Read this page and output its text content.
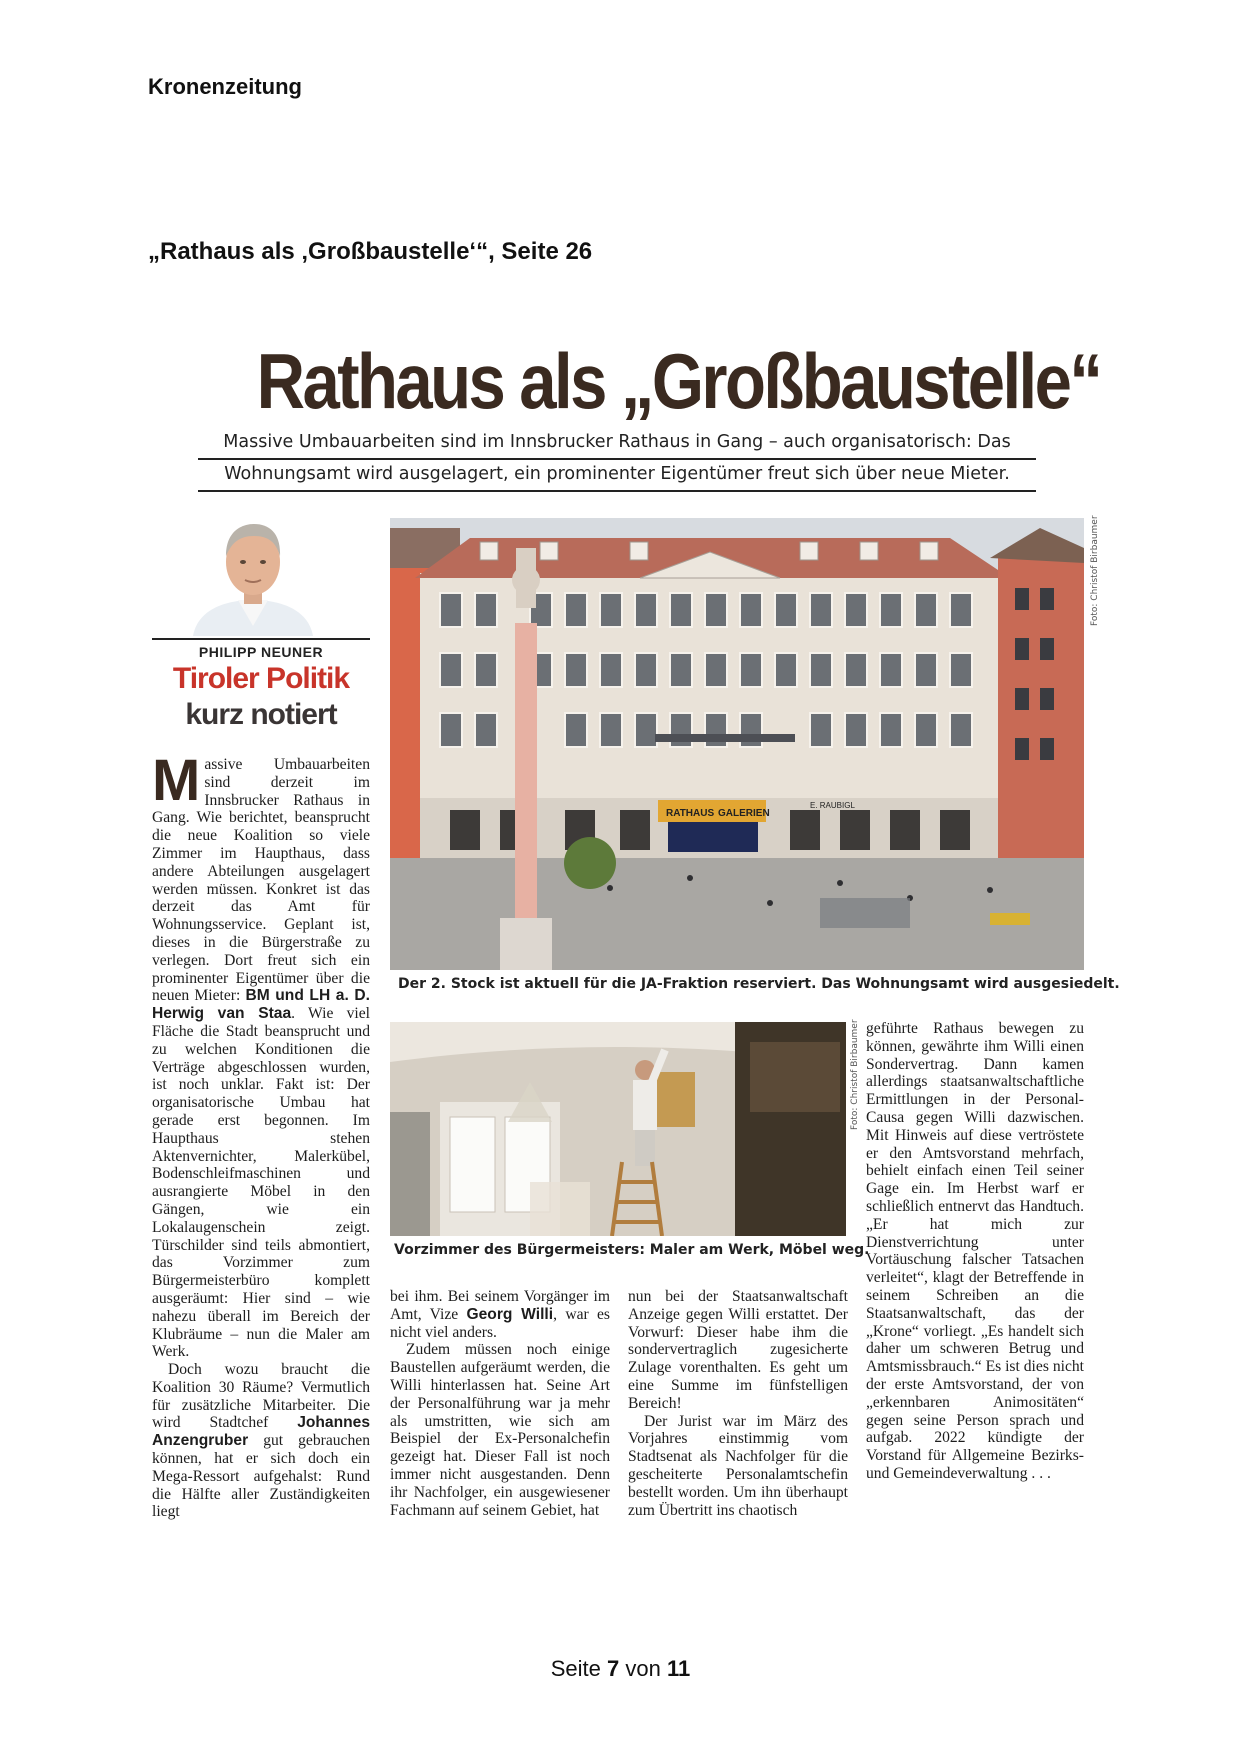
Kronenzeitung
„Rathaus als ‚Großbaustelle‘“, Seite 26
Rathaus als „Großbaustelle“
Massive Umbauarbeiten sind im Innsbrucker Rathaus in Gang – auch organisatorisch: Das
Wohnungsamt wird ausgelagert, ein prominenter Eigentümer freut sich über neue Mieter.
PHILIPP NEUNER
Tiroler Politik
kurz notiert

Massive Umbauarbeiten sind derzeit im Innsbrucker Rathaus in Gang. Wie berichtet, beansprucht die neue Koalition so viele Zimmer im Haupthaus, dass andere Abteilungen ausgelagert werden müssen. Konkret ist das derzeit das Amt für Wohnungsservice. Geplant ist, dieses in die Bürgerstraße zu verlegen. Dort freut sich ein prominenter Eigentümer über die neuen Mieter: BM und LH a. D. Herwig van Staa. Wie viel Fläche die Stadt beansprucht und zu welchen Konditionen die Verträge abgeschlossen wurden, ist noch unklar. Fakt ist: Der organisatorische Umbau hat gerade erst begonnen. Im Haupthaus stehen Aktenvernichter, Malerkübel, Bodenschleifmaschinen und ausrangierte Möbel in den Gängen, wie ein Lokalaugenschein zeigt. Türschilder sind teils abmontiert, das Vorzimmer zum Bürgermeisterbüro komplett ausgeräumt: Hier sind – wie nahezu überall im Bereich der Klubräume – nun die Maler am Werk.

Doch wozu braucht die Koalition 30 Räume? Vermutlich für zusätzliche Mitarbeiter. Die wird Stadtchef Johannes Anzengruber gut gebrauchen können, hat er sich doch ein Mega-Ressort aufgehalst: Rund die Hälfte aller Zuständigkeiten liegt

RATHAUS GALERIEN
E. RAUBIGL
Foto: Christof Birbaumer
Der 2. Stock ist aktuell für die JA-Fraktion reserviert. Das Wohnungsamt wird ausgesiedelt.
Foto: Christof Birbaumer
Vorzimmer des Bürgermeisters: Maler am Werk, Möbel weg.

bei ihm. Bei seinem Vorgänger im Amt, Vize Georg Willi, war es nicht viel anders.

Zudem müssen noch einige Baustellen aufgeräumt werden, die Willi hinterlassen hat. Seine Art der Personalführung war ja mehr als umstritten, wie sich am Beispiel der Ex-Personalchefin gezeigt hat. Dieser Fall ist noch immer nicht ausgestanden. Denn ihr Nachfolger, ein ausgewiesener Fachmann auf seinem Gebiet, hat

nun bei der Staatsanwaltschaft Anzeige gegen Willi erstattet. Der Vorwurf: Dieser habe ihm die sondervertraglich zugesicherte Zulage vorenthalten. Es geht um eine Summe im fünfstelligen Bereich!

Der Jurist war im März des Vorjahres einstimmig vom Stadtsenat als Nachfolger für die gescheiterte Personalamtschefin bestellt worden. Um ihn überhaupt zum Übertritt ins chaotisch

geführte Rathaus bewegen zu können, gewährte ihm Willi einen Sondervertrag. Dann kamen allerdings staatsanwaltschaftliche Ermittlungen in der Personal-Causa gegen Willi dazwischen. Mit Hinweis auf diese vertröstete er den Amtsvorstand mehrfach, behielt einfach einen Teil seiner Gage ein. Im Herbst warf er schließlich entnervt das Handtuch. „Er hat mich zur Dienstverrichtung unter Vortäuschung falscher Tatsachen verleitet“, klagt der Betreffende in seinem Schreiben an die Staatsanwaltschaft, das der „Krone“ vorliegt. „Es handelt sich daher um schweren Betrug und Amtsmissbrauch.“ Es ist dies nicht der erste Amtsvorstand, der von „erkennbaren Animositäten“ gegen seine Person sprach und aufgab. 2022 kündigte der Vorstand für Allgemeine Bezirks- und Gemeindeverwaltung . . .

Seite 7 von 11
